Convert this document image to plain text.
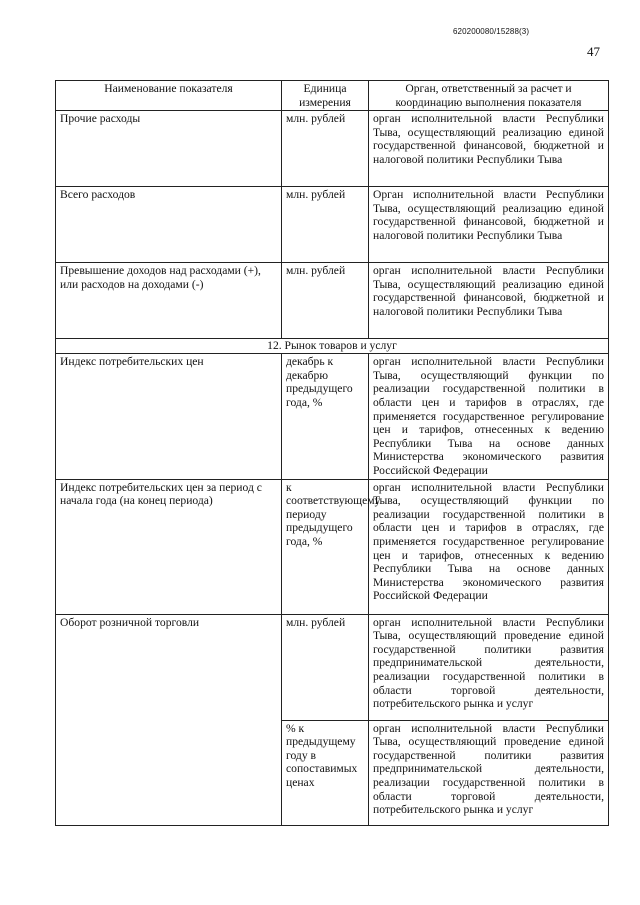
620200080/15288(3)
47
Наименование показателя	Единица измерения	Орган, ответственный за расчет и координацию выполнения показателя
Прочие расходы	млн. рублей	орган исполнительной власти Республики Тыва, осуществляющий реализацию единой государственной финансовой, бюджетной и налоговой политики Республики Тыва
Всего расходов	млн. рублей	Орган исполнительной власти Республики Тыва, осуществляющий реализацию единой государственной финансовой, бюджетной и налоговой политики Республики Тыва
Превышение доходов над расходами (+), или расходов на доходами (-)	млн. рублей	орган исполнительной власти Республики Тыва, осуществляющий реализацию единой государственной финансовой, бюджетной и налоговой политики Республики Тыва
12. Рынок товаров и услуг		
Индекс потребительских цен	декабрь к декабрю предыдущего года, %	орган исполнительной власти Республики Тыва, осуществляющий функции по реализации государственной политики в области цен и тарифов в отраслях, где применяется государственное регулирование цен и тарифов, отнесенных к ведению Республики Тыва на основе данных Министерства экономического развития Российской Федерации
Индекс потребительских цен за период с начала года (на конец периода)	к соответствующему периоду предыдущего года, %	орган исполнительной власти Республики Тыва, осуществляющий функции по реализации государственной политики в области цен и тарифов в отраслях, где применяется государственное регулирование цен и тарифов, отнесенных к ведению Республики Тыва на основе данных Министерства экономического развития Российской Федерации
Оборот розничной торговли	млн. рублей	орган исполнительной власти Республики Тыва, осуществляющий проведение единой государственной политики развития предпринимательской деятельности, реализации государственной политики в области торговой деятельности, потребительского рынка и услуг
	% к предыдущему году в сопоставимых ценах	орган исполнительной власти Республики Тыва, осуществляющий проведение единой государственной политики развития предпринимательской деятельности, реализации государственной политики в области торговой деятельности, потребительского рынка и услуг
